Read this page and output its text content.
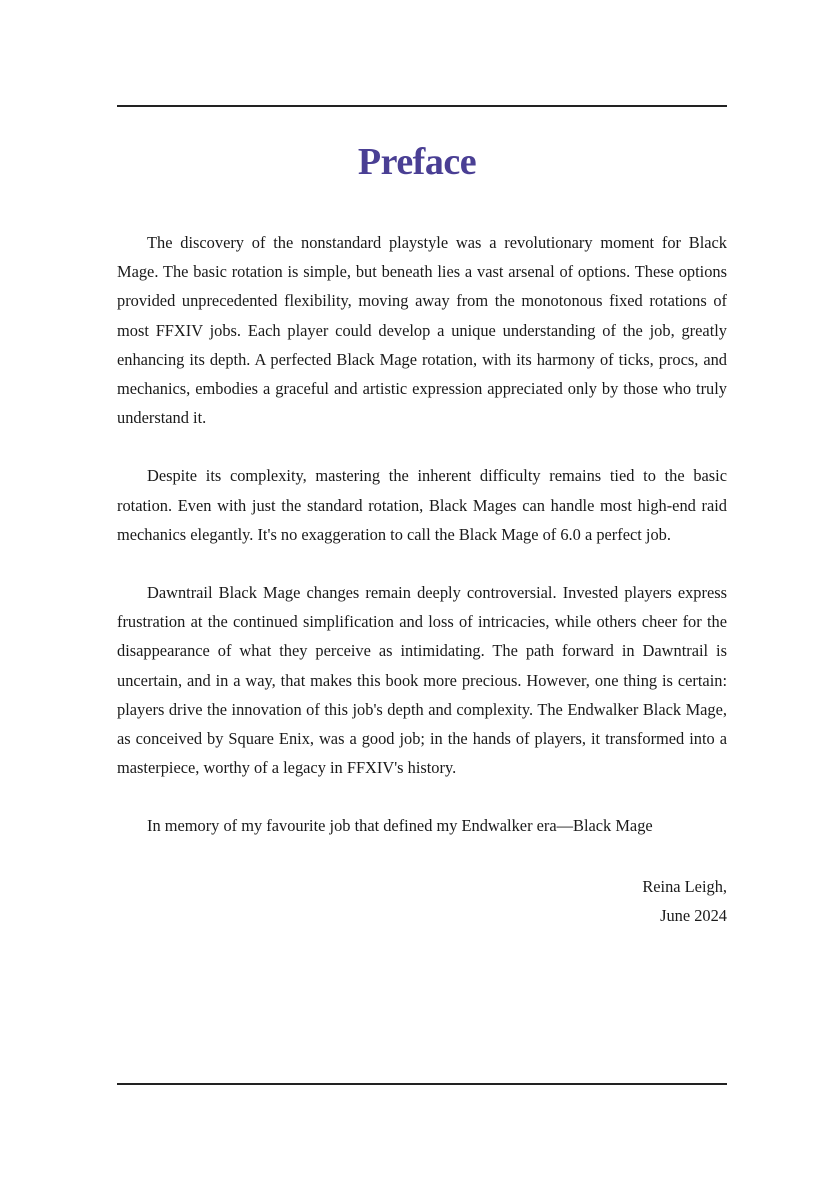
Preface

The discovery of the nonstandard playstyle was a revolutionary moment for Black Mage. The basic rotation is simple, but beneath lies a vast arsenal of options. These options provided unprecedented flexibility, moving away from the monotonous fixed rotations of most FFXIV jobs. Each player could develop a unique understanding of the job, greatly enhancing its depth. A perfected Black Mage rotation, with its harmony of ticks, procs, and mechanics, embodies a graceful and artistic expression appreciated only by those who truly understand it.

Despite its complexity, mastering the inherent difficulty remains tied to the basic rotation. Even with just the standard rotation, Black Mages can handle most high-end raid mechanics elegantly. It's no exaggeration to call the Black Mage of 6.0 a perfect job.

Dawntrail Black Mage changes remain deeply controversial. Invested players express frustration at the continued simplification and loss of intricacies, while others cheer for the disappearance of what they perceive as intimidating. The path forward in Dawntrail is uncertain, and in a way, that makes this book more precious. However, one thing is certain: players drive the innovation of this job's depth and complexity. The Endwalker Black Mage, as conceived by Square Enix, was a good job; in the hands of players, it transformed into a masterpiece, worthy of a legacy in FFXIV's history.

In memory of my favourite job that defined my Endwalker era—Black Mage

Reina Leigh,
June 2024
